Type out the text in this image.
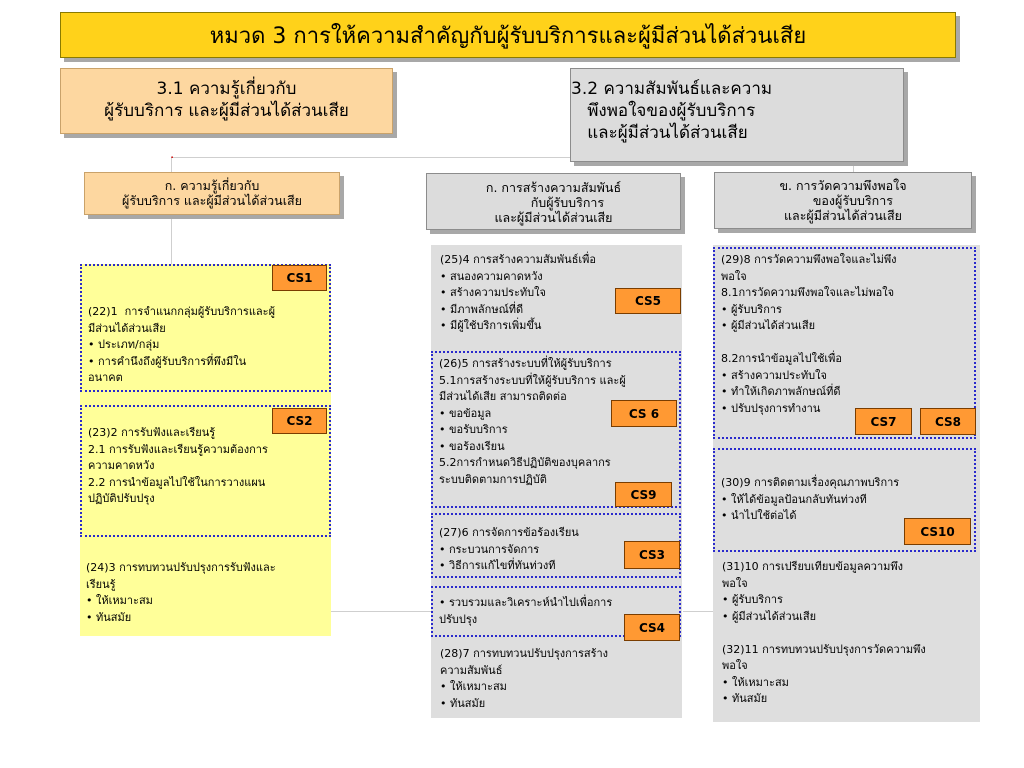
▪
หมวด 3 การให้ความสำคัญกับผู้รับบริการและผู้มีส่วนได้ส่วนเสีย
3.1 ความรู้เกี่ยวกับ
ผู้รับบริการ และผู้มีส่วนได้ส่วนเสีย
3.2 ความสัมพันธ์และความ
พึงพอใจของผู้รับบริการ
และผู้มีส่วนได้ส่วนเสีย
ก. ความรู้เกี่ยวกับ
ผู้รับบริการ และผู้มีส่วนได้ส่วนเสีย
ก. การสร้างความสัมพันธ์
กับผู้รับบริการ
และผู้มีส่วนได้ส่วนเสีย
ข. การวัดความพึงพอใจ
ของผู้รับบริการ
และผู้มีส่วนได้ส่วนเสีย
(22)1  การจำแนกกลุ่มผู้รับบริการและผู้
มีส่วนได้ส่วนเสีย
• ประเภท/กลุ่ม
• การคำนึงถึงผู้รับบริการที่พึงมีใน
อนาคต
(23)2 การรับฟังและเรียนรู้
2.1 การรับฟังและเรียนรู้ความต้องการ
ความคาดหวัง
2.2 การนำข้อมูลไปใช้ในการวางแผน
ปฏิบัติปรับปรุง
(24)3 การทบทวนปรับปรุงการรับฟังและ
เรียนรู้
• ให้เหมาะสม
• ทันสมัย
(25)4 การสร้างความสัมพันธ์เพื่อ
• สนองความคาดหวัง
• สร้างความประทับใจ
• มีภาพลักษณ์ที่ดี
• มีผู้ใช้บริการเพิ่มขึ้น
(26)5 การสร้างระบบที่ให้ผู้รับบริการ
5.1การสร้างระบบที่ให้ผู้รับบริการ และผู้
มีส่วนได้เสีย สามารถติดต่อ
• ขอข้อมูล
• ขอรับบริการ
• ขอร้องเรียน
5.2การกำหนดวิธีปฏิบัติของบุคลากร
ระบบติดตามการปฏิบัติ
(27)6 การจัดการข้อร้องเรียน
• กระบวนการจัดการ
• วิธีการแก้ไขที่ทันท่วงที
• รวบรวมและวิเคราะห์นำไปเพื่อการ
ปรับปรุง
(28)7 การทบทวนปรับปรุงการสร้าง
ความสัมพันธ์
• ให้เหมาะสม
• ทันสมัย
(29)8 การวัดความพึงพอใจและไม่พึง
พอใจ
8.1การวัดความพึงพอใจและไม่พอใจ
• ผู้รับบริการ
• ผู้มีส่วนได้ส่วนเสีย

8.2การนำข้อมูลไปใช้เพื่อ
• สร้างความประทับใจ
• ทำให้เกิดภาพลักษณ์ที่ดี
• ปรับปรุงการทำงาน
(30)9 การติดตามเรื่องคุณภาพบริการ
• ให้ได้ข้อมูลป้อนกลับทันท่วงที
• นำไปใช้ต่อได้
(31)10 การเปรียบเทียบข้อมูลความพึง
พอใจ
• ผู้รับบริการ
• ผู้มีส่วนได้ส่วนเสีย

(32)11 การทบทวนปรับปรุงการวัดความพึง
พอใจ
• ให้เหมาะสม
• ทันสมัย
CS1
CS2
CS5
CS 6
CS9
CS3
CS4
CS7	CS8
CS10
